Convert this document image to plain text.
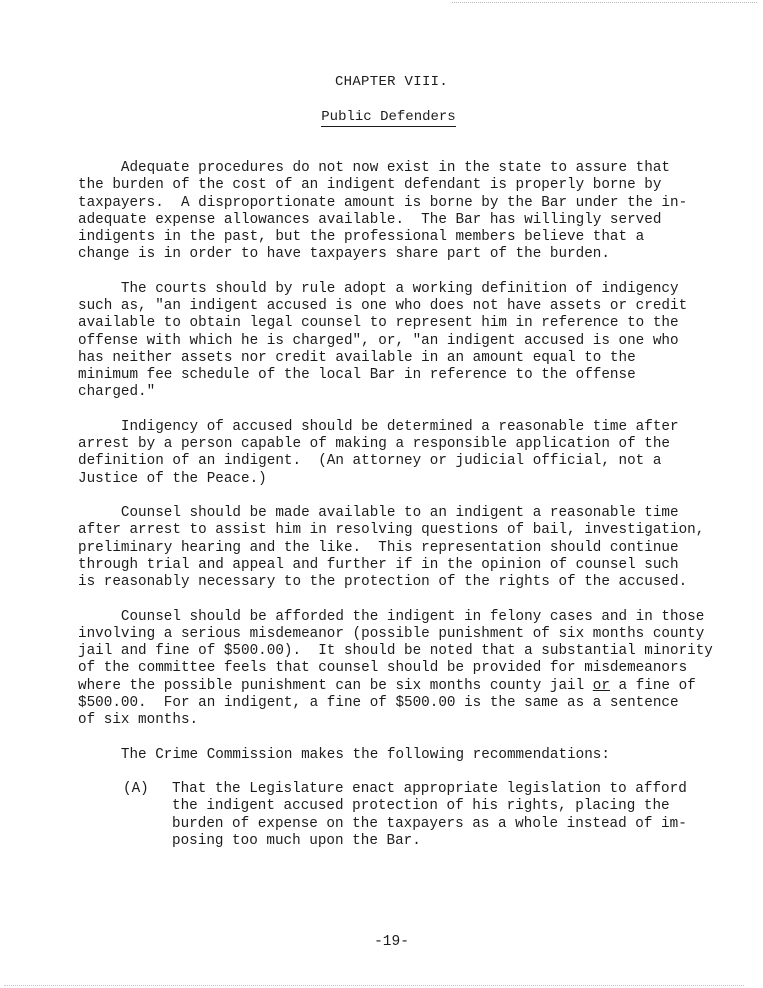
CHAPTER VIII.
Public Defenders
Adequate procedures do not now exist in the state to assure that
the burden of the cost of an indigent defendant is properly borne by
taxpayers.  A disproportionate amount is borne by the Bar under the in-
adequate expense allowances available.  The Bar has willingly served
indigents in the past, but the professional members believe that a
change is in order to have taxpayers share part of the burden.
The courts should by rule adopt a working definition of indigency
such as, "an indigent accused is one who does not have assets or credit
available to obtain legal counsel to represent him in reference to the
offense with which he is charged", or, "an indigent accused is one who
has neither assets nor credit available in an amount equal to the
minimum fee schedule of the local Bar in reference to the offense
charged."
Indigency of accused should be determined a reasonable time after
arrest by a person capable of making a responsible application of the
definition of an indigent.  (An attorney or judicial official, not a
Justice of the Peace.)
Counsel should be made available to an indigent a reasonable time
after arrest to assist him in resolving questions of bail, investigation,
preliminary hearing and the like.  This representation should continue
through trial and appeal and further if in the opinion of counsel such
is reasonably necessary to the protection of the rights of the accused.
Counsel should be afforded the indigent in felony cases and in those
involving a serious misdemeanor (possible punishment of six months county
jail and fine of $500.00).  It should be noted that a substantial minority
of the committee feels that counsel should be provided for misdemeanors
where the possible punishment can be six months county jail or a fine of
$500.00.  For an indigent, a fine of $500.00 is the same as a sentence
of six months.
The Crime Commission makes the following recommendations:
(A)	That the Legislature enact appropriate legislation to afford
the indigent accused protection of his rights, placing the
burden of expense on the taxpayers as a whole instead of im-
posing too much upon the Bar.
-19-
